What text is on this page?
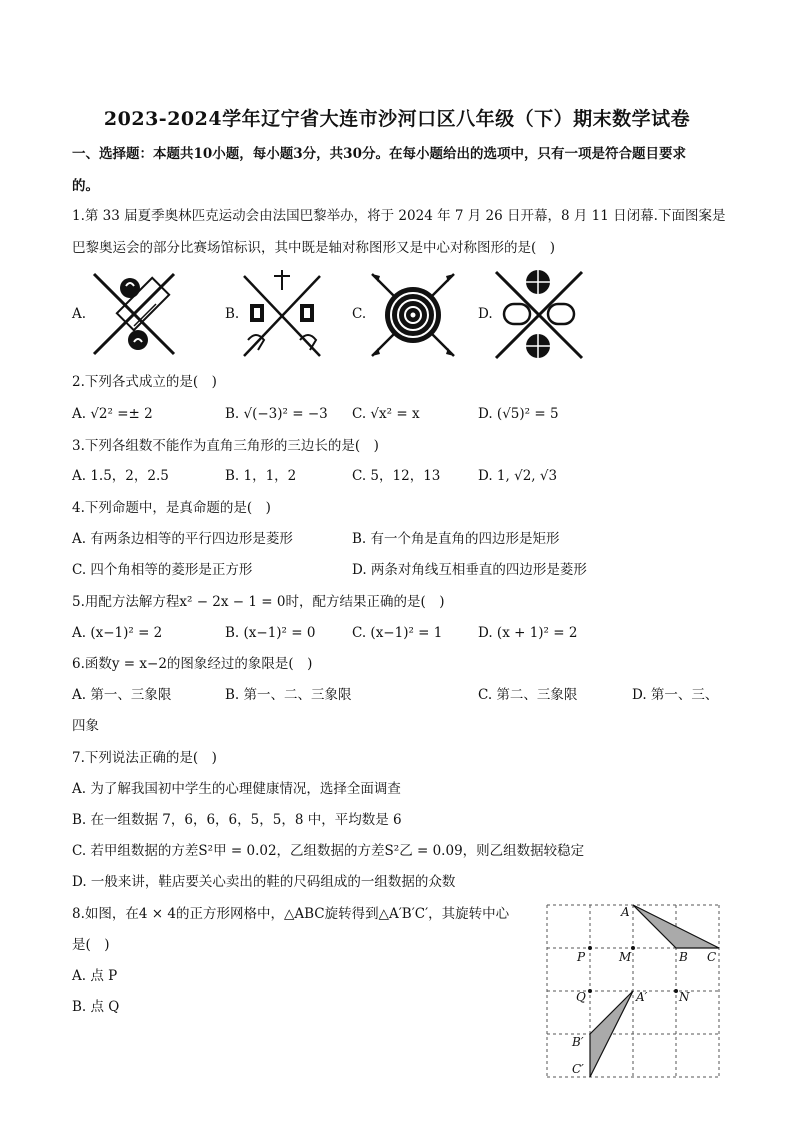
2023-2024学年辽宁省大连市沙河口区八年级（下）期末数学试卷
一、选择题：本题共10小题，每小题3分，共30分。在每小题给出的选项中，只有一项是符合题目要求
的。
1.第 33 届夏季奥林匹克运动会由法国巴黎举办，将于 2024 年 7 月 26 日开幕，8 月 11 日闭幕.下面图案是
巴黎奥运会的部分比赛场馆标识，其中既是轴对称图形又是中心对称图形的是(　)
A.	B.	C.	D.
2.下列各式成立的是(　)
A. √2² =± 2	B. √(−3)² = −3 C. √x² = x	D. (√5)² = 5
3.下列各组数不能作为直角三角形的三边长的是(　)
A. 1.5，2，2.5	B. 1，1，2	C. 5，12，13	D. 1, √2, √3
4.下列命题中，是真命题的是(　)
A. 有两条边相等的平行四边形是菱形	B. 有一个角是直角的四边形是矩形
C. 四个角相等的菱形是正方形	D. 两条对角线互相垂直的四边形是菱形
5.用配方法解方程x² − 2x − 1 = 0时，配方结果正确的是(　)
A. (x−1)² = 2	B. (x−1)² = 0	C. (x−1)² = 1	D. (x + 1)² = 2
6.函数y = x−2的图象经过的象限是(　)
A. 第一、三象限	B. 第一、二、三象限	C. 第二、三象限	D. 第一、三、
四象
7.下列说法正确的是(　)
A. 为了解我国初中学生的心理健康情况，选择全面调查
B. 在一组数据 7，6，6，6，5，5，8 中，平均数是 6
C. 若甲组数据的方差S²甲 = 0.02，乙组数据的方差S²乙 = 0.09，则乙组数据较稳定
D. 一般来讲，鞋店要关心卖出的鞋的尺码组成的一组数据的众数
8.如图，在4 × 4的正方形网格中，△ABC旋转得到△A′B′C′，其旋转中心
是(　)
A. 点 P
B. 点 Q
A
B C
P	M
Q	N
A′
B′
C′
